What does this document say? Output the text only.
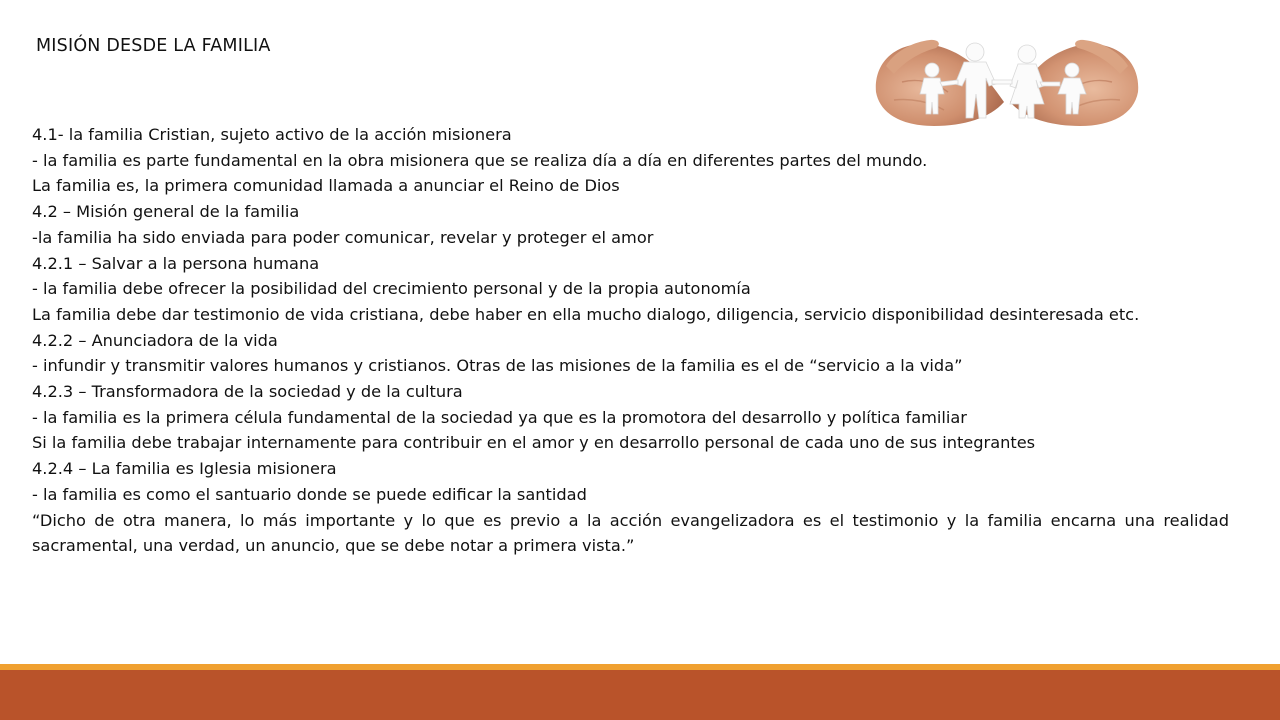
MISIÓN DESDE LA FAMILIA

4.1- la familia Cristian, sujeto activo de la acción misionera

- la familia es parte fundamental en la obra misionera que se realiza día a día en diferentes partes del mundo.

La familia es, la primera comunidad llamada a anunciar el Reino de Dios

4.2 – Misión general de la familia

-la familia ha sido enviada para poder comunicar, revelar y proteger el amor

4.2.1 – Salvar a la persona humana

- la familia debe ofrecer la posibilidad del crecimiento personal y de la propia autonomía

La familia debe dar testimonio de vida cristiana, debe haber en ella mucho dialogo, diligencia, servicio disponibilidad desinteresada etc.

4.2.2 – Anunciadora de la vida

- infundir y transmitir valores humanos y cristianos. Otras de las misiones de la familia es el de “servicio a la vida”

4.2.3 – Transformadora de la sociedad y de la cultura

- la familia es la primera célula fundamental de la sociedad ya que es la promotora del desarrollo y política familiar

Si la familia debe trabajar internamente para contribuir en el amor y en desarrollo personal de cada uno de sus integrantes

4.2.4 – La familia es Iglesia misionera

- la familia es como el santuario donde se puede edificar la santidad

“Dicho de otra manera, lo más importante y lo que es previo a la acción evangelizadora es el testimonio y la familia encarna una realidad sacramental, una verdad, un anuncio, que se debe notar a primera vista.”
